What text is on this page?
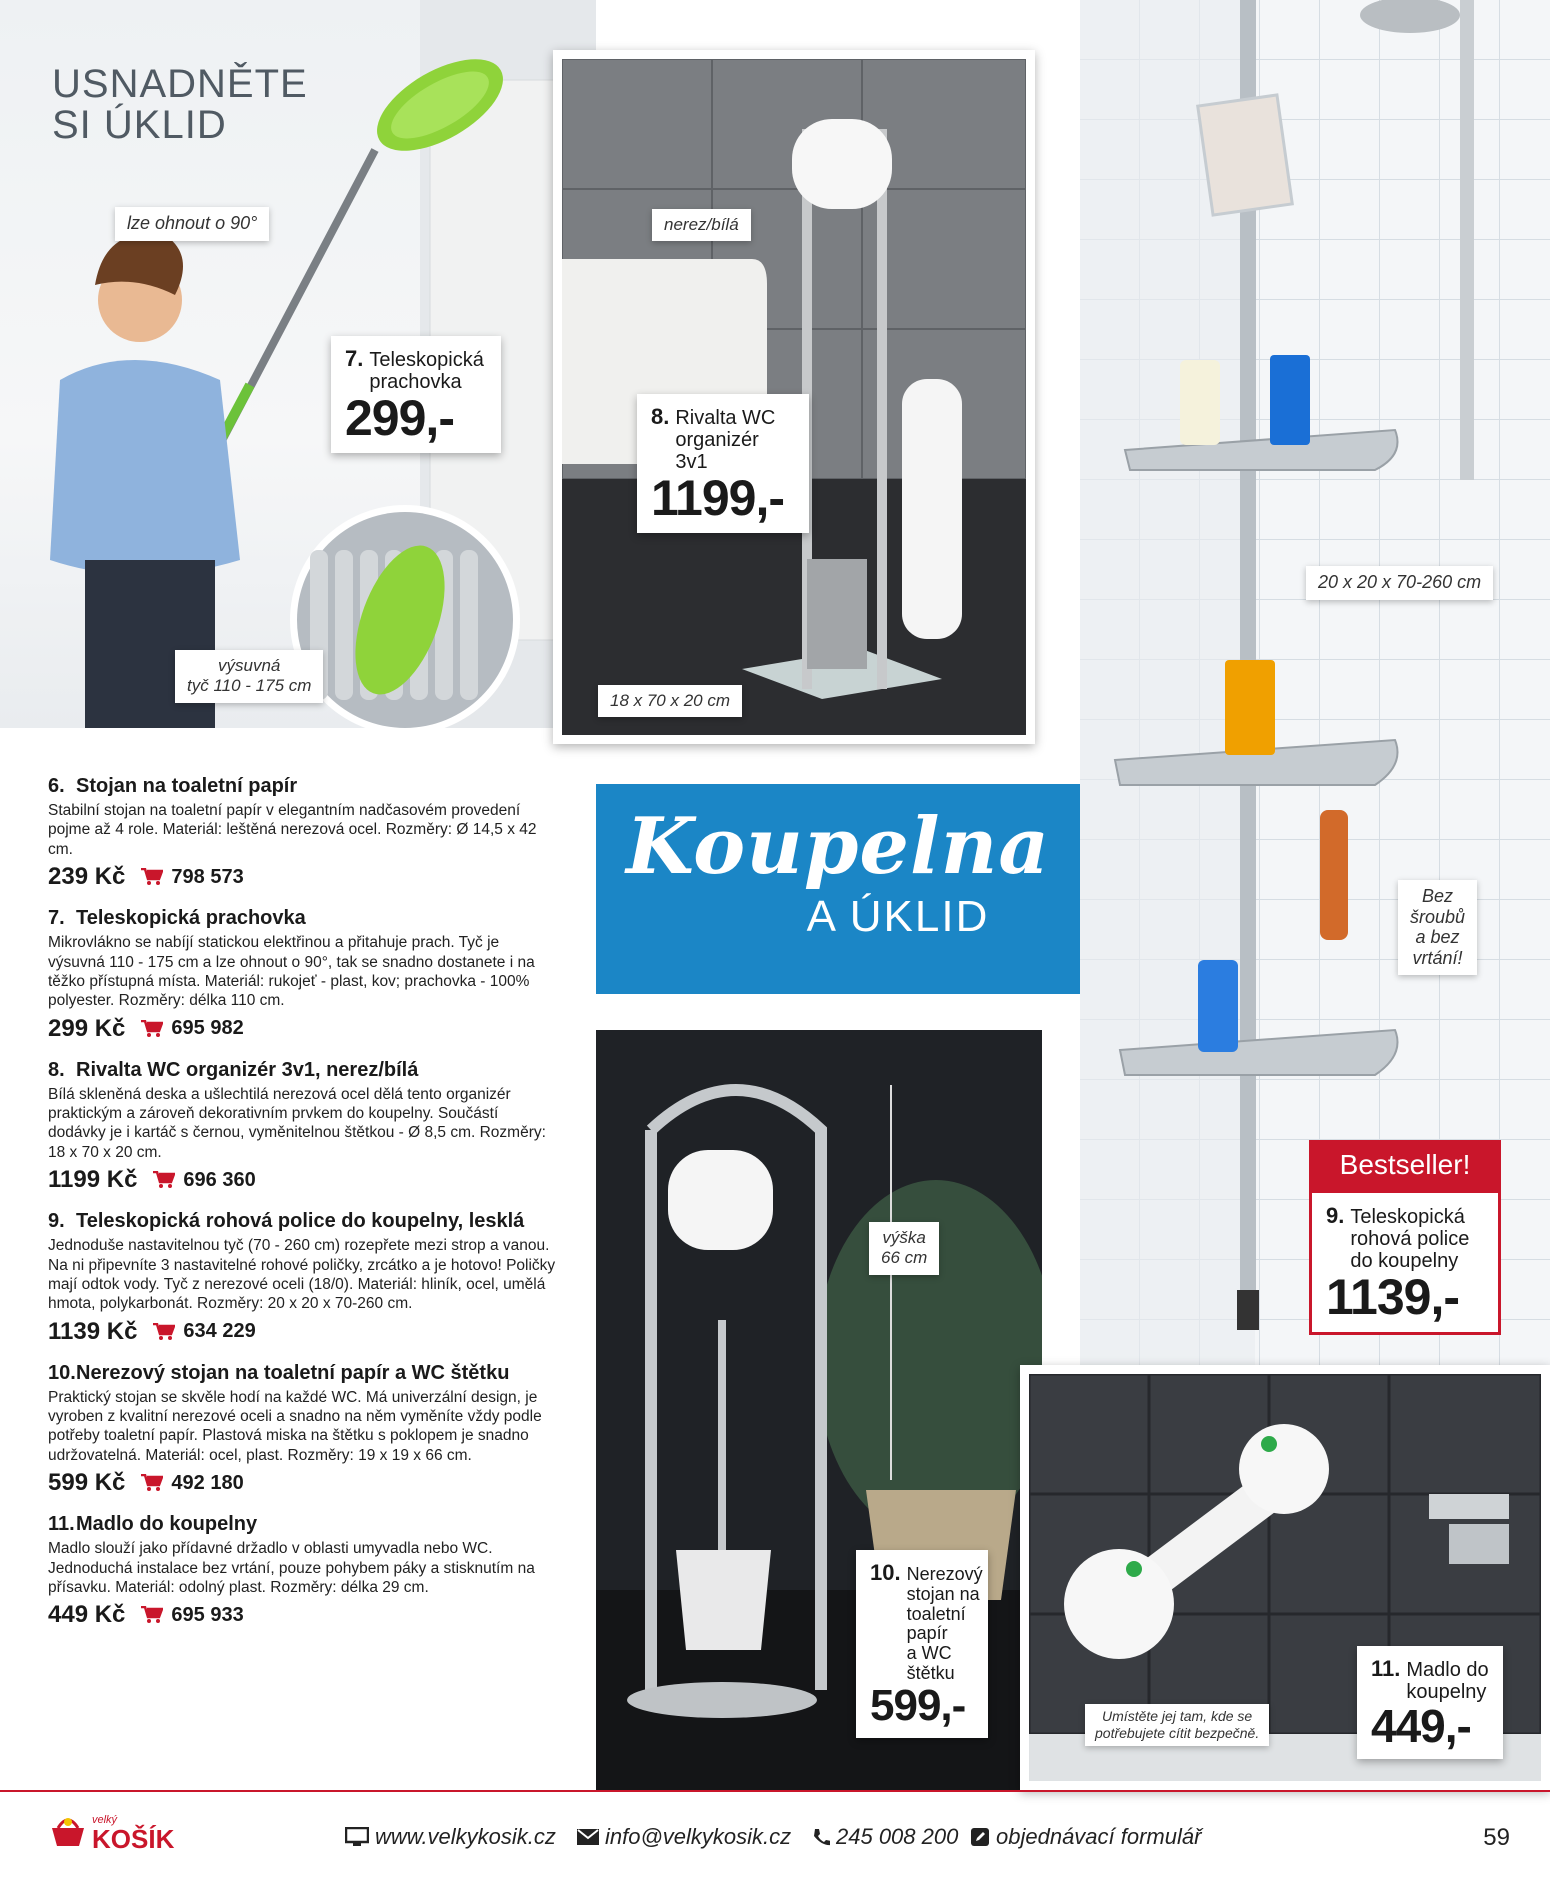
USNADNĚTE
SI ÚKLID
lze ohnout o 90°
výsuvná
tyč 110 - 175 cm
7. Teleskopická
prachovka
299,-
nerez/bílá
18 x 70 x 20 cm
8. Rivalta WC
organizér 3v1
1199,-
20 x 20 x 70-260 cm
Bez
šroubů
a bez
vrtání!
Bestseller!
9. Teleskopická
rohová police
do koupelny
1139,-
Koupelna
A ÚKLID
výška
66 cm
10. Nerezový
stojan na
toaletní
papír
a WC
štětku
599,-	Umístěte jej tam, kde se
potřebujete cítit bezpečně.
11. Madlo do
koupelny
449,-
6. Stojan na toaletní papír

Stabilní stojan na toaletní papír v elegantním nadčasovém provedení pojme až 4 role. Materiál: leštěná nerezová ocel. Rozměry: Ø 14,5 x 42 cm.

239 Kč 798 573
7. Teleskopická prachovka

Mikrovlákno se nabíjí statickou elektřinou a přitahuje prach. Tyč je výsuvná 110 - 175 cm a lze ohnout o 90°, tak se snadno dostanete i na těžko přístupná místa. Materiál: rukojeť - plast, kov; prachovka - 100% polyester. Rozměry: délka 110 cm.

299 Kč 695 982
8. Rivalta WC organizér 3v1, nerez/bílá

Bílá skleněná deska a ušlechtilá nerezová ocel dělá tento organizér praktickým a zároveň dekorativním prvkem do koupelny. Součástí dodávky je i kartáč s černou, vyměnitelnou štětkou - Ø 8,5 cm. Rozměry: 18 x 70 x 20 cm.

1199 Kč 696 360
9. Teleskopická rohová police do koupelny, lesklá

Jednoduše nastavitelnou tyč (70 - 260 cm) rozepřete mezi strop a vanou. Na ni připevníte 3 nastavitelné rohové poličky, zrcátko a je hotovo! Poličky mají odtok vody. Tyč z nerezové oceli (18/0). Materiál: hliník, ocel, umělá hmota, polykarbonát. Rozměry: 20 x 20 x 70-260 cm.

1139 Kč 634 229
10. Nerezový stojan na toaletní papír a WC štětku

Praktický stojan se skvěle hodí na každé WC. Má univerzální design, je vyroben z kvalitní nerezové oceli a snadno na něm vyměníte vždy podle potřeby toaletní papír. Plastová miska na štětku s poklopem je snadno udržovatelná. Materiál: ocel, plast. Rozměry: 19 x 19 x 66 cm.

599 Kč 492 180
11. Madlo do koupelny

Madlo slouží jako přídavné držadlo v oblasti umyvadla nebo WC. Jednoduchá instalace bez vrtání, pouze pohybem páky a stisknutím na přísavku. Materiál: odolný plast. Rozměry: délka 29 cm.

449 Kč 695 933
velký
KOŠÍK	www.velkykosik.cz info@velkykosik.cz 245 008 200 objednávací formulář	59
